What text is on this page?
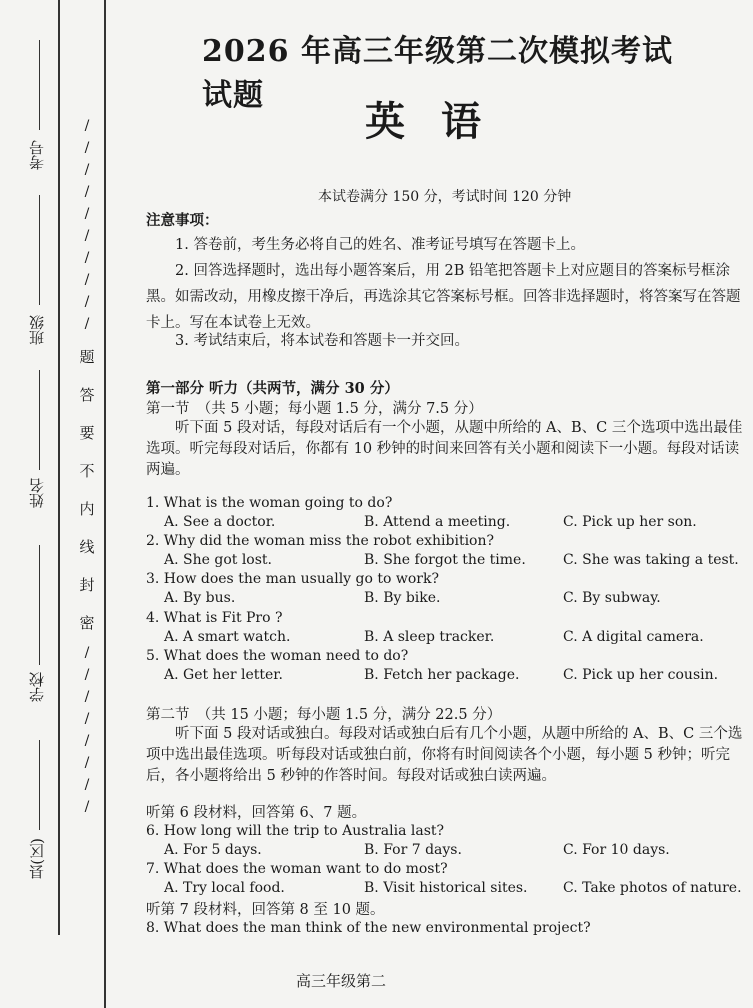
考号
班级
姓名
学校
县(区)
/
/
/
/
/
/
/
/
/
/
题
答
要
不
内
线
封
密
/
/
/
/
/
/
/
/
2026 年高三年级第二次模拟考试试题
英语
本试卷满分 150 分，考试时间 120 分钟
注意事项：
1. 答卷前，考生务必将自己的姓名、准考证号填写在答题卡上。
2. 回答选择题时，选出每小题答案后，用 2B 铅笔把答题卡上对应题目的答案标号框涂黑。如需改动，用橡皮擦干净后，再选涂其它答案标号框。回答非选择题时，将答案写在答题卡上。写在本试卷上无效。
3. 考试结束后，将本试卷和答题卡一并交回。
第一部分 听力（共两节，满分 30 分）
第一节　（共 5 小题；每小题 1.5 分，满分 7.5 分）
听下面 5 段对话，每段对话后有一个小题，从题中所给的 A、B、C 三个选项中选出最佳选项。听完每段对话后，你都有 10 秒钟的时间来回答有关小题和阅读下一小题。每段对话读两遍。
1. What is the woman going to do?
A. See a doctor.	B. Attend a meeting.	C. Pick up her son.
2. Why did the woman miss the robot exhibition?
A. She got lost.	B. She forgot the time.	C. She was taking a test.
3. How does the man usually go to work?
A. By bus.	B. By bike.	C. By subway.
4. What is Fit Pro ?
A. A smart watch.	B. A sleep tracker.	C. A digital camera.
5. What does the woman need to do?
A. Get her letter.	B. Fetch her package.	C. Pick up her cousin.
第二节　（共 15 小题；每小题 1.5 分，满分 22.5 分）
听下面 5 段对话或独白。每段对话或独白后有几个小题，从题中所给的 A、B、C 三个选项中选出最佳选项。听每段对话或独白前，你将有时间阅读各个小题，每小题 5 秒钟；听完后，各小题将给出 5 秒钟的作答时间。每段对话或独白读两遍。
听第 6 段材料，回答第 6、7 题。
6. How long will the trip to Australia last?
A. For 5 days.	B. For 7 days.	C. For 10 days.
7. What does the woman want to do most?
A. Try local food.	B. Visit historical sites.	C. Take photos of nature.
听第 7 段材料，回答第 8 至 10 题。
8. What does the man think of the new environmental project?
高三年级第二
